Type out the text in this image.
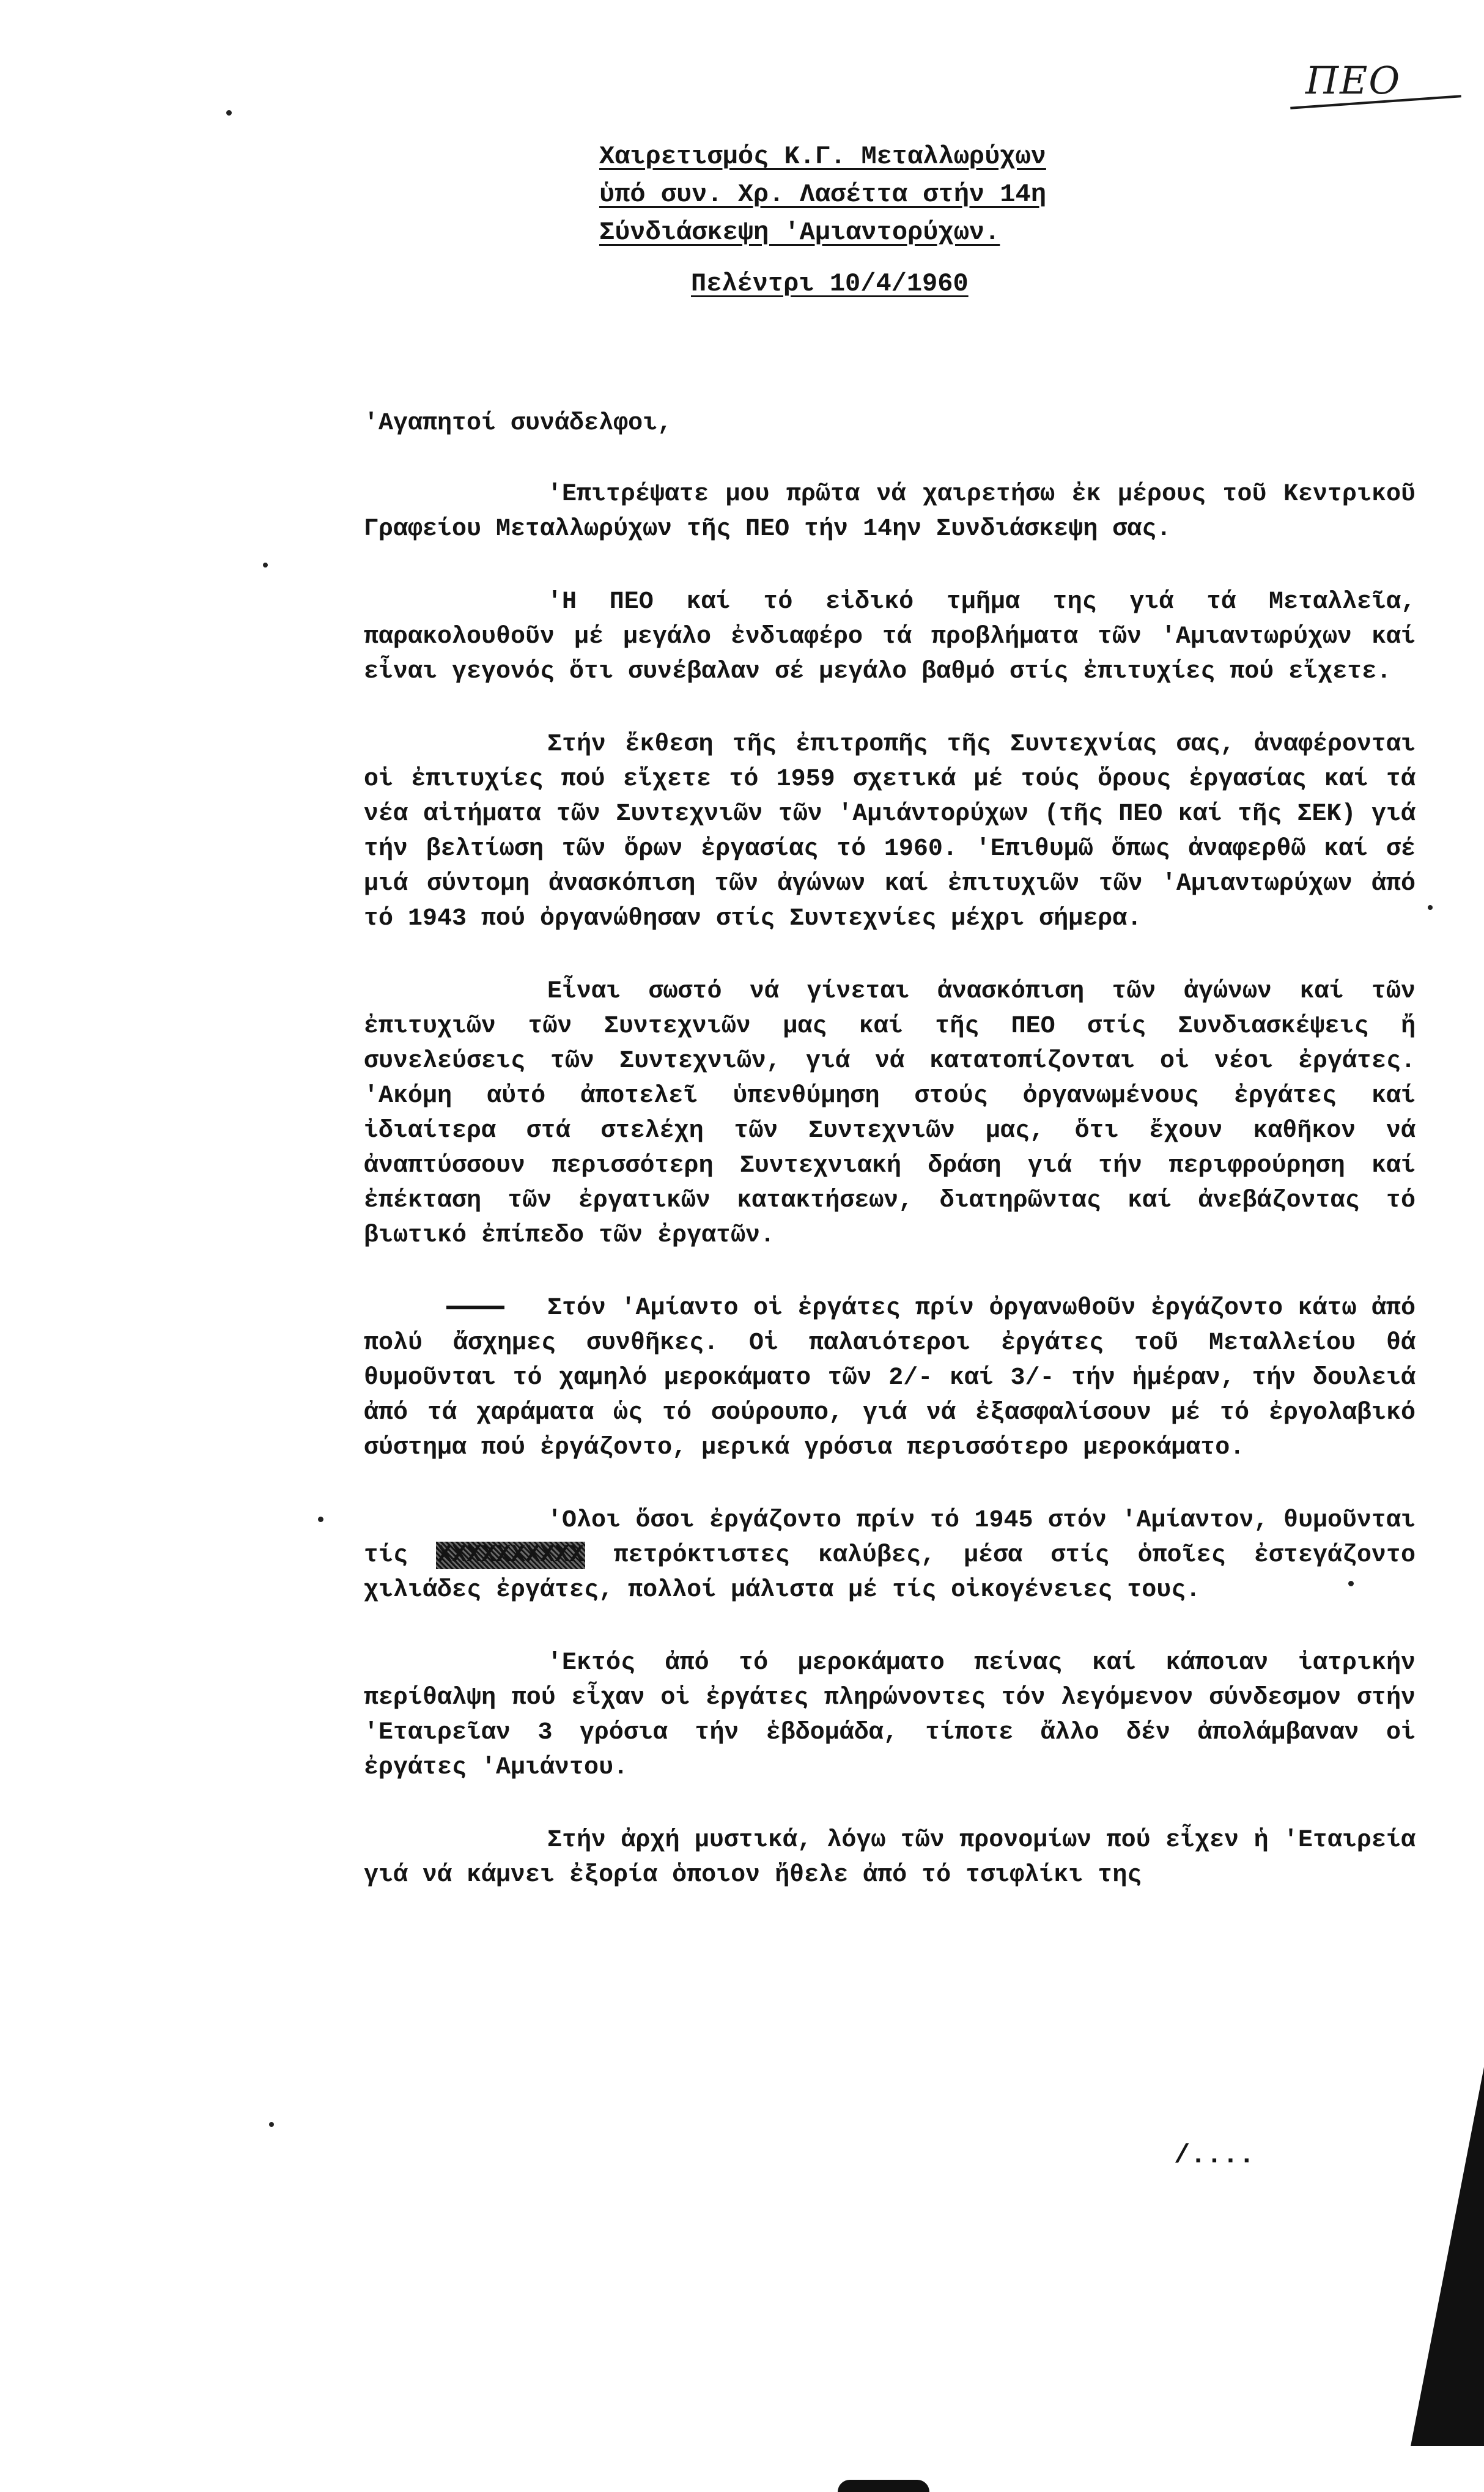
ΠΕΟ
Χαιρετισμός Κ.Γ. Μεταλλωρύχων
ὑπό συν. Χρ. Λασέττα στήν 14η
Σύνδιάσκεψη 'Αμιαντορύχων.
Πελέντρι 10/4/1960
'Αγαπητοί συνάδελφοι,

'Επιτρέψατε μου πρῶτα νά χαιρετήσω ἐκ μέρους τοῦ Κεντρικοῦ Γραφείου Μεταλλωρύχων τῆς ΠΕΟ τήν 14ην Συνδιάσκεψη σας.

'Η ΠΕΟ καί τό εἰδικό τμῆμα της γιά τά Μεταλλεῖα, παρακολουθοῦν μέ μεγάλο ἐνδιαφέρο τά προβλήματα τῶν 'Αμιαντωρύχων καί εἶναι γεγονός ὅτι συνέβαλαν σέ μεγάλο βαθμό στίς ἐπιτυχίες πού εἴχετε.

Στήν ἔκθεση τῆς ἐπιτροπῆς τῆς Συντεχνίας σας, ἀναφέρονται οἱ ἐπιτυχίες πού εἴχετε τό 1959 σχετικά μέ τούς ὅρους ἐργασίας καί τά νέα αἰτήματα τῶν Συντεχνιῶν τῶν 'Αμιάντορύχων (τῆς ΠΕΟ καί τῆς ΣΕΚ) γιά τήν βελτίωση τῶν ὅρων ἐργασίας τό 1960. 'Επιθυμῶ ὅπως ἀναφερθῶ καί σέ μιά σύντομη ἀνασκόπιση τῶν ἀγώνων καί ἐπιτυχιῶν τῶν 'Αμιαντωρύχων ἀπό τό 1943 πού ὀργανώθησαν στίς Συντεχνίες μέχρι σήμερα.

Εἶναι σωστό νά γίνεται ἀνασκόπιση τῶν ἀγώνων καί τῶν ἐπιτυχιῶν τῶν Συντεχνιῶν μας καί τῆς ΠΕΟ στίς Συνδιασκέψεις ἤ συνελεύσεις τῶν Συντεχνιῶν, γιά νά κατατοπίζονται οἱ νέοι ἐργάτες. 'Ακόμη αὐτό ἀποτελεῖ ὑπενθύμηση στούς ὀργανωμένους ἐργάτες καί ἰδιαίτερα στά στελέχη τῶν Συντεχνιῶν μας, ὅτι ἔχουν καθῆκον νά ἀναπτύσσουν περισσότερη Συντεχνιακή δράση γιά τήν περιφρούρηση καί ἐπέκταση τῶν ἐργατικῶν κατακτήσεων, διατηρῶντας καί ἀνεβάζοντας τό βιωτικό ἐπίπεδο τῶν ἐργατῶν.

Στόν 'Αμίαντο οἱ ἐργάτες πρίν ὀργανωθοῦν ἐργάζοντο κάτω ἀπό πολύ ἄσχημες συνθῆκες. Οἱ παλαιότεροι ἐργάτες τοῦ Μεταλλείου θά θυμοῦνται τό χαμηλό μεροκάματο τῶν 2/- καί 3/- τήν ἡμέραν, τήν δουλειά ἀπό τά χαράματα ὡς τό σούρουπο, γιά νά ἐξασφαλίσουν μέ τό ἐργολαβικό σύστημα πού ἐργάζοντο, μερικά γρόσια περισσότερο μεροκάματο.

'Ολοι ὅσοι ἐργάζοντο πρίν τό 1945 στόν 'Αμίαντον, θυμοῦνται τίς XXXXXXXXXX πετρόκτιστες καλύβες, μέσα στίς ὁποῖες ἐστεγάζοντο χιλιάδες ἐργάτες, πολλοί μάλιστα μέ τίς οἰκογένειες τους.

'Εκτός ἀπό τό μεροκάματο πείνας καί κάποιαν ἰατρικήν περίθαλψη πού εἶχαν οἱ ἐργάτες πληρώνοντες τόν λεγόμενον σύνδεσμον στήν 'Εταιρεῖαν 3 γρόσια τήν ἑβδομάδα, τίποτε ἄλλο δέν ἀπολάμβαναν οἱ ἐργάτες 'Αμιάντου.

Στήν ἀρχή μυστικά, λόγω τῶν προνομίων πού εἶχεν ἡ 'Εταιρεία γιά νά κάμνει ἐξορία ὁποιον ἤθελε ἀπό τό τσιφλίκι της

/....
